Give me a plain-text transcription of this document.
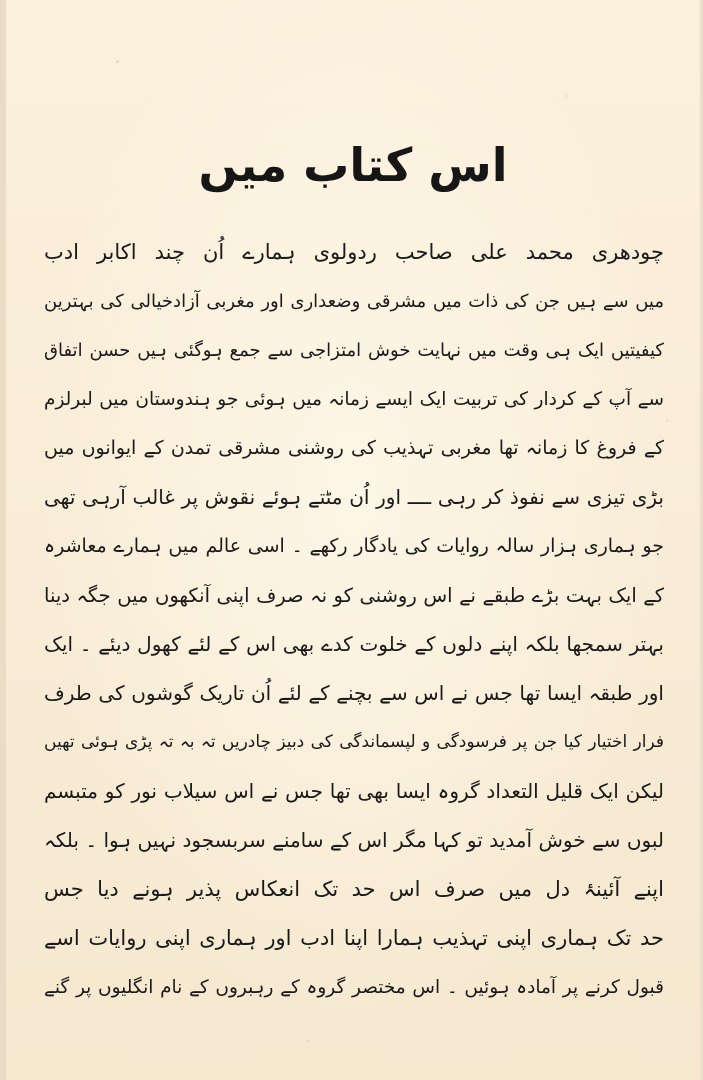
اس کتاب میں
چودھری محمد علی صاحب ردولوی ہمارے اُن چند اکابر ادب
میں سے ہیں جن کی ذات میں مشرقی وضعداری اور مغربی آزادخیالی کی بہترین
کیفیتیں ایک ہی وقت میں نہایت خوش امتزاجی سے جمع ہوگئی ہیں حسن اتفاق
سے آپ کے کردار کی تربیت ایک ایسے زمانہ میں ہوئی جو ہندوستان میں لبرلزم
کے فروغ کا زمانہ تھا مغربی تہذیب کی روشنی مشرقی تمدن کے ایوانوں میں
بڑی تیزی سے نفوذ کر رہی ــــ اور اُن مٹتے ہوئے نقوش پر غالب آرہی تھی
جو ہماری ہزار سالہ روایات کی یادگار رکھے ۔ اسی عالم میں ہمارے معاشرہ
کے ایک بہت بڑے طبقے نے اس روشنی کو نہ صرف اپنی آنکھوں میں جگہ دینا
بہتر سمجھا بلکہ اپنے دلوں کے خلوت کدے بھی اس کے لئے کھول دیئے ۔ ایک
اور طبقہ ایسا تھا جس نے اس سے بچنے کے لئے اُن تاریک گوشوں کی طرف
فرار اختیار کیا جن پر فرسودگی و لپسماندگی کی دبیز چادریں تہ بہ تہ پڑی ہوئی تھیں
لیکن ایک قلیل التعداد گروہ ایسا بھی تھا جس نے اس سیلاب نور کو متبسم
لبوں سے خوش آمدید تو کہا مگر اس کے سامنے سربسجود نہیں ہوا ۔ بلکہ
اپنے آئینۂ دل میں صرف اس حد تک انعکاس پذیر ہونے دیا جس
حد تک ہماری اپنی تہذیب ہمارا اپنا ادب اور ہماری اپنی روایات اسے
قبول کرنے پر آمادہ ہوئیں ۔ اس مختصر گروہ کے رہبروں کے نام انگلیوں پر گنے
